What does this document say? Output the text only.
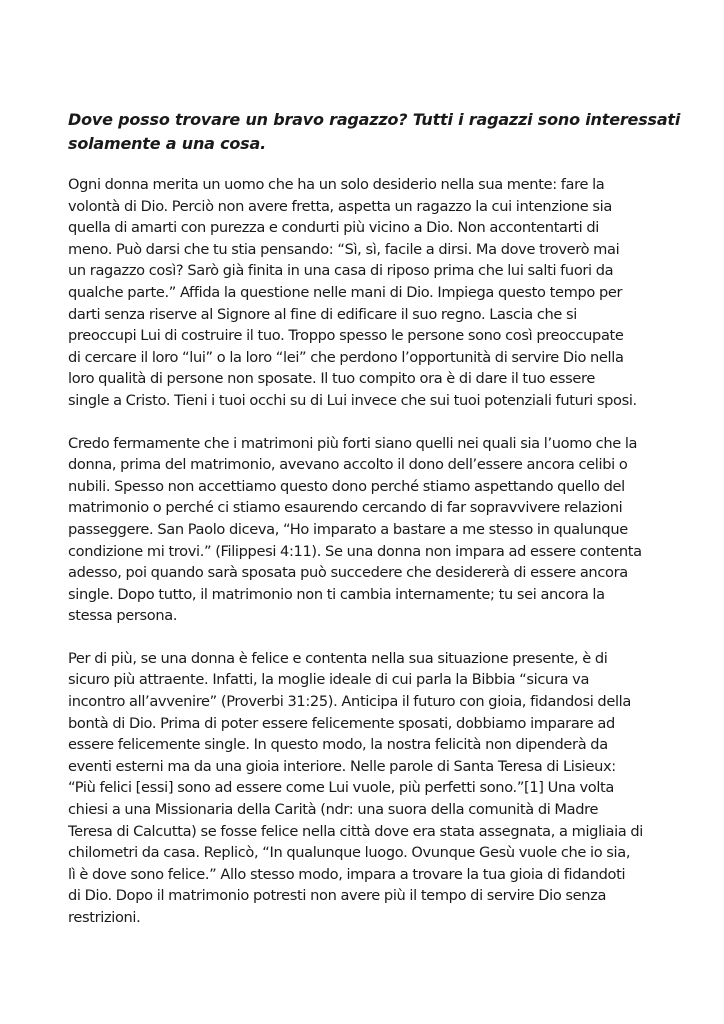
Dove posso trovare un bravo ragazzo? Tutti i ragazzi sono interessati
solamente a una cosa.

Ogni donna merita un uomo che ha un solo desiderio nella sua mente: fare la
volontà di Dio. Perciò non avere fretta, aspetta un ragazzo la cui intenzione sia
quella di amarti con purezza e condurti più vicino a Dio. Non accontentarti di
meno. Può darsi che tu stia pensando: “Sì, sì, facile a dirsi. Ma dove troverò mai
un ragazzo così? Sarò già finita in una casa di riposo prima che lui salti fuori da
qualche parte.” Affida la questione nelle mani di Dio. Impiega questo tempo per
darti senza riserve al Signore al fine di edificare il suo regno. Lascia che si
preoccupi Lui di costruire il tuo. Troppo spesso le persone sono così preoccupate
di cercare il loro “lui” o la loro “lei” che perdono l’opportunità di servire Dio nella
loro qualità di persone non sposate. Il tuo compito ora è di dare il tuo essere
single a Cristo. Tieni i tuoi occhi su di Lui invece che sui tuoi potenziali futuri sposi.

Credo fermamente che i matrimoni più forti siano quelli nei quali sia l’uomo che la
donna, prima del matrimonio, avevano accolto il dono dell’essere ancora celibi o
nubili. Spesso non accettiamo questo dono perché stiamo aspettando quello del
matrimonio o perché ci stiamo esaurendo cercando di far sopravvivere relazioni
passeggere. San Paolo diceva, “Ho imparato a bastare a me stesso in qualunque
condizione mi trovi.” (Filippesi 4:11). Se una donna non impara ad essere contenta
adesso, poi quando sarà sposata può succedere che desidererà di essere ancora
single. Dopo tutto, il matrimonio non ti cambia internamente; tu sei ancora la
stessa persona.

Per di più, se una donna è felice e contenta nella sua situazione presente, è di
sicuro più attraente. Infatti, la moglie ideale di cui parla la Bibbia “sicura va
incontro all’avvenire” (Proverbi 31:25). Anticipa il futuro con gioia, fidandosi della
bontà di Dio. Prima di poter essere felicemente sposati, dobbiamo imparare ad
essere felicemente single. In questo modo, la nostra felicità non dipenderà da
eventi esterni ma da una gioia interiore. Nelle parole di Santa Teresa di Lisieux:
“Più felici [essi] sono ad essere come Lui vuole, più perfetti sono.”[1] Una volta
chiesi a una Missionaria della Carità (ndr: una suora della comunità di Madre
Teresa di Calcutta) se fosse felice nella città dove era stata assegnata, a migliaia di
chilometri da casa. Replicò, “In qualunque luogo. Ovunque Gesù vuole che io sia,
lì è dove sono felice.” Allo stesso modo, impara a trovare la tua gioia di fidandoti
di Dio. Dopo il matrimonio potresti non avere più il tempo di servire Dio senza
restrizioni.
